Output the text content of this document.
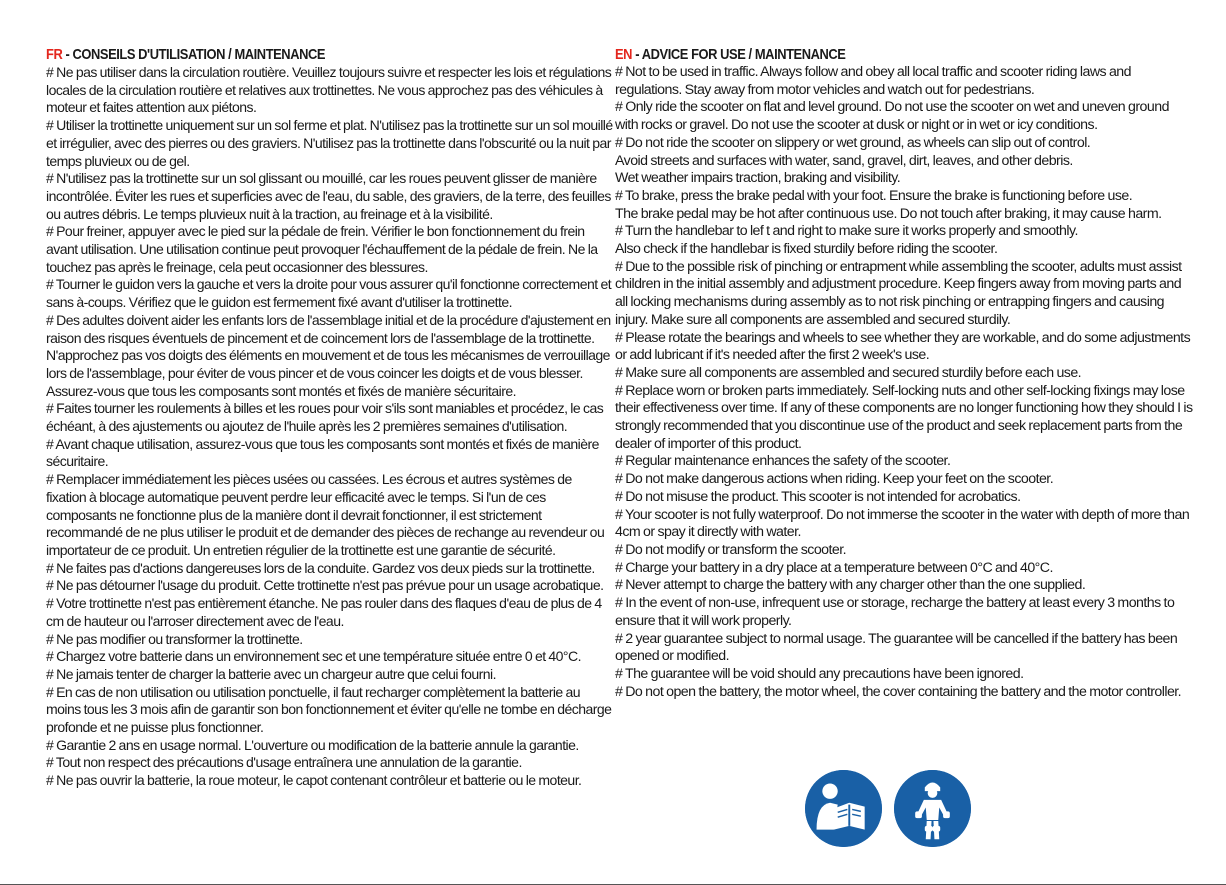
FR - CONSEILS D'UTILISATION / MAINTENANCE

# Ne pas utiliser dans la circulation routière. Veuillez toujours suivre et respecter les lois et régulations locales de la circulation routière et relatives aux trottinettes. Ne vous approchez pas des véhicules à moteur et faites attention aux piétons.

# Utiliser la trottinette uniquement sur un sol ferme et plat. N'utilisez pas la trottinette sur un sol mouillé et irrégulier, avec des pierres ou des graviers. N'utilisez pas la trottinette dans l'obscurité ou la nuit par temps pluvieux ou de gel.

# N'utilisez pas la trottinette sur un sol glissant ou mouillé, car les roues peuvent glisser de manière incontrôlée. Éviter les rues et superficies avec de l'eau, du sable, des graviers, de la terre, des feuilles ou autres débris. Le temps pluvieux nuit à la traction, au freinage et à la visibilité.

# Pour freiner, appuyer avec le pied sur la pédale de frein. Vérifier le bon fonctionnement du frein avant utilisation. Une utilisation continue peut provoquer l'échauffement de la pédale de frein. Ne la touchez pas après le freinage, cela peut occasionner des blessures.

# Tourner le guidon vers la gauche et vers la droite pour vous assurer qu'il fonctionne correctement et sans à-coups. Vérifiez que le guidon est fermement fixé avant d'utiliser la trottinette.

# Des adultes doivent aider les enfants lors de l'assemblage initial et de la procédure d'ajustement en raison des risques éventuels de pincement et de coincement lors de l'assemblage de la trottinette. N'approchez pas vos doigts des éléments en mouvement et de tous les mécanismes de verrouillage lors de l'assemblage, pour éviter de vous pincer et de vous coincer les doigts et de vous blesser. Assurez-vous que tous les composants sont montés et fixés de manière sécuritaire.

# Faites tourner les roulements à billes et les roues pour voir s'ils sont maniables et procédez, le cas échéant, à des ajustements ou ajoutez de l'huile après les 2 premières semaines d'utilisation.

# Avant chaque utilisation, assurez-vous que tous les composants sont montés et fixés de manière sécuritaire.

# Remplacer immédiatement les pièces usées ou cassées. Les écrous et autres systèmes de fixation à blocage automatique peuvent perdre leur efficacité avec le temps. Si l'un de ces composants ne fonctionne plus de la manière dont il devrait fonctionner, il est strictement recommandé de ne plus utiliser le produit et de demander des pièces de rechange au revendeur ou importateur de ce produit. Un entretien régulier de la trottinette est une garantie de sécurité.

# Ne faites pas d'actions dangereuses lors de la conduite. Gardez vos deux pieds sur la trottinette.

# Ne pas détourner l'usage du produit. Cette trottinette n'est pas prévue pour un usage acrobatique.

# Votre trottinette n'est pas entièrement étanche. Ne pas rouler dans des flaques d'eau de plus de 4 cm de hauteur ou l'arroser directement avec de l'eau.

# Ne pas modifier ou transformer la trottinette.

# Chargez votre batterie dans un environnement sec et une température située entre 0 et 40°C.

# Ne jamais tenter de charger la batterie avec un chargeur autre que celui fourni.

# En cas de non utilisation ou utilisation ponctuelle, il faut recharger complètement la batterie au moins tous les 3 mois afin de garantir son bon fonctionnement et éviter qu'elle ne tombe en décharge profonde et ne puisse plus fonctionner.

# Garantie 2 ans en usage normal. L'ouverture ou modification de la batterie annule la garantie.

# Tout non respect des précautions d'usage entraînera une annulation de la garantie.

# Ne pas ouvrir la batterie, la roue moteur, le capot contenant contrôleur et batterie ou le moteur.

EN - ADVICE FOR USE / MAINTENANCE

# Not to be used in traffic. Always follow and obey all local traffic and scooter riding laws and regulations. Stay away from motor vehicles and watch out for pedestrians.

# Only ride the scooter on flat and level ground. Do not use the scooter on wet and uneven ground with rocks or gravel. Do not use the scooter at dusk or night or in wet or icy conditions.

# Do not ride the scooter on slippery or wet ground, as wheels can slip out of control.

Avoid streets and surfaces with water, sand, gravel, dirt, leaves, and other debris.

Wet weather impairs traction, braking and visibility.

# To brake, press the brake pedal with your foot. Ensure the brake is functioning before use.

The brake pedal may be hot after continuous use. Do not touch after braking, it may cause harm.

# Turn the handlebar to lef t and right to make sure it works properly and smoothly.

Also check if the handlebar is fixed sturdily before riding the scooter.

# Due to the possible risk of pinching or entrapment while assembling the scooter, adults must assist children in the initial assembly and adjustment procedure. Keep fingers away from moving parts and all locking mechanisms during assembly as to not risk pinching or entrapping fingers and causing injury. Make sure all components are assembled and secured sturdily.

# Please rotate the bearings and wheels to see whether they are workable, and do some adjustments or add lubricant if it's needed after the first 2 week's use.

# Make sure all components are assembled and secured sturdily before each use.

# Replace worn or broken parts immediately. Self-locking nuts and other self-locking fixings may lose their effectiveness over time. If any of these components are no longer functioning how they should I is strongly recommended that you discontinue use of the product and seek replacement parts from the dealer of importer of this product.

# Regular maintenance enhances the safety of the scooter.

# Do not make dangerous actions when riding. Keep your feet on the scooter.

# Do not misuse the product. This scooter is not intended for acrobatics.

# Your scooter is not fully waterproof. Do not immerse the scooter in the water with depth of more than 4cm or spay it directly with water.

# Do not modify or transform the scooter.

# Charge your battery in a dry place at a temperature between 0°C and 40°C.

# Never attempt to charge the battery with any charger other than the one supplied.

# In the event of non-use, infrequent use or storage, recharge the battery at least every 3 months to ensure that it will work properly.

# 2 year guarantee subject to normal usage. The guarantee will be cancelled if the battery has been opened or modified.

# The guarantee will be void should any precautions have been ignored.

# Do not open the battery, the motor wheel, the cover containing the battery and the motor controller.
